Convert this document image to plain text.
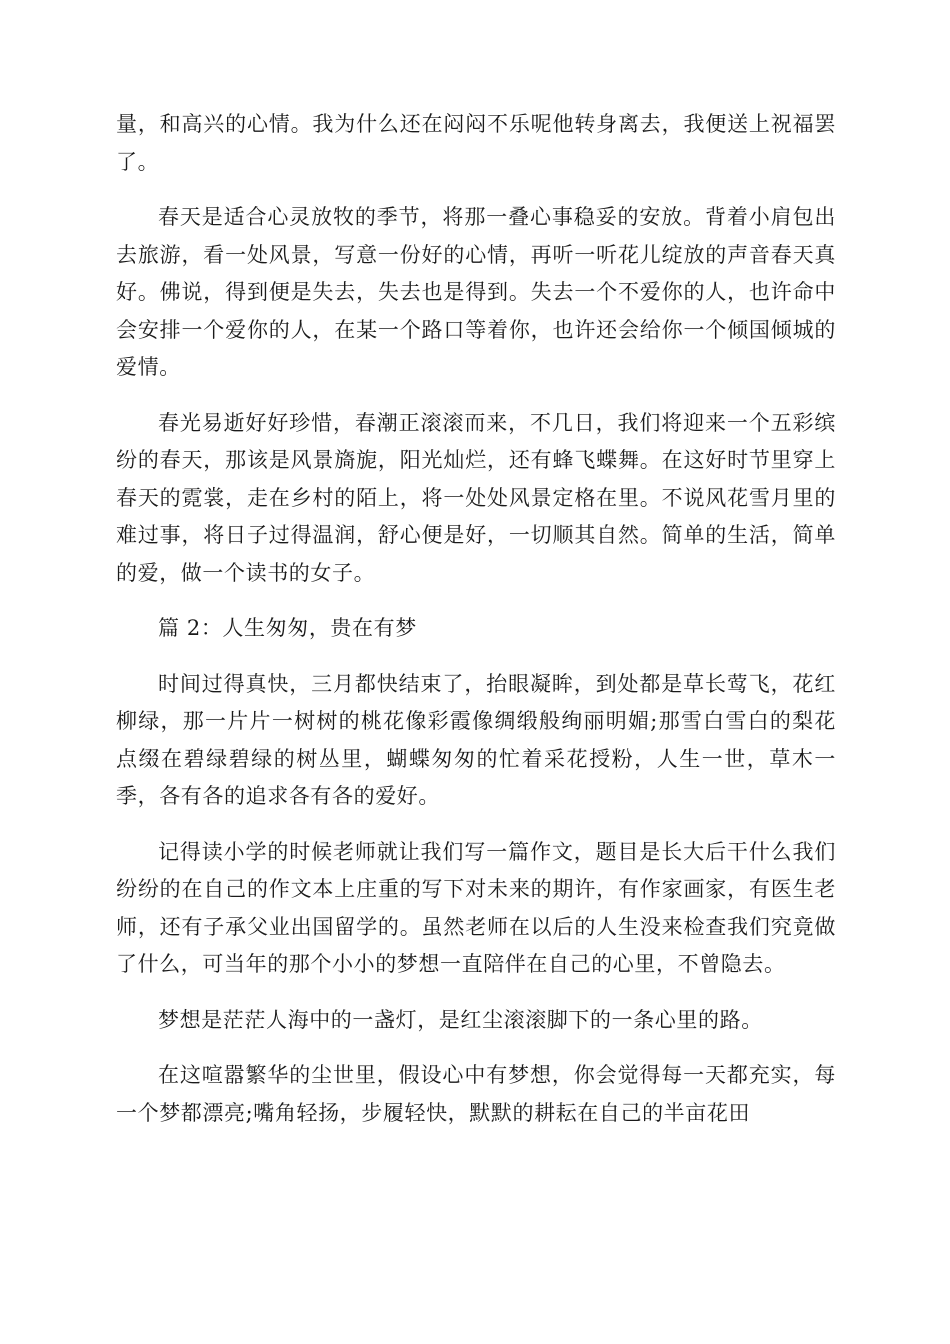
量，和高兴的心情。我为什么还在闷闷不乐呢他转身离去，我便送上祝福罢了。

春天是适合心灵放牧的季节，将那一叠心事稳妥的安放。背着小肩包出去旅游，看一处风景，写意一份好的心情，再听一听花儿绽放的声音春天真好。佛说，得到便是失去，失去也是得到。失去一个不爱你的人，也许命中会安排一个爱你的人，在某一个路口等着你，也许还会给你一个倾国倾城的爱情。

春光易逝好好珍惜，春潮正滚滚而来，不几日，我们将迎来一个五彩缤纷的春天，那该是风景旖旎，阳光灿烂，还有蜂飞蝶舞。在这好时节里穿上春天的霓裳，走在乡村的陌上，将一处处风景定格在里。不说风花雪月里的难过事，将日子过得温润，舒心便是好，一切顺其自然。简单的生活，简单的爱，做一个读书的女子。

篇 2：人生匆匆，贵在有梦

时间过得真快，三月都快结束了，抬眼凝眸，到处都是草长莺飞，花红柳绿，那一片片一树树的桃花像彩霞像绸缎般绚丽明媚;那雪白雪白的梨花点缀在碧绿碧绿的树丛里，蝴蝶匆匆的忙着采花授粉，人生一世，草木一季，各有各的追求各有各的爱好。

记得读小学的时候老师就让我们写一篇作文，题目是长大后干什么我们纷纷的在自己的作文本上庄重的写下对未来的期许，有作家画家，有医生老师，还有子承父业出国留学的。虽然老师在以后的人生没来检查我们究竟做了什么，可当年的那个小小的梦想一直陪伴在自己的心里，不曾隐去。

梦想是茫茫人海中的一盏灯，是红尘滚滚脚下的一条心里的路。

在这喧嚣繁华的尘世里，假设心中有梦想，你会觉得每一天都充实，每一个梦都漂亮;嘴角轻扬，步履轻快，默默的耕耘在自己的半亩花田
